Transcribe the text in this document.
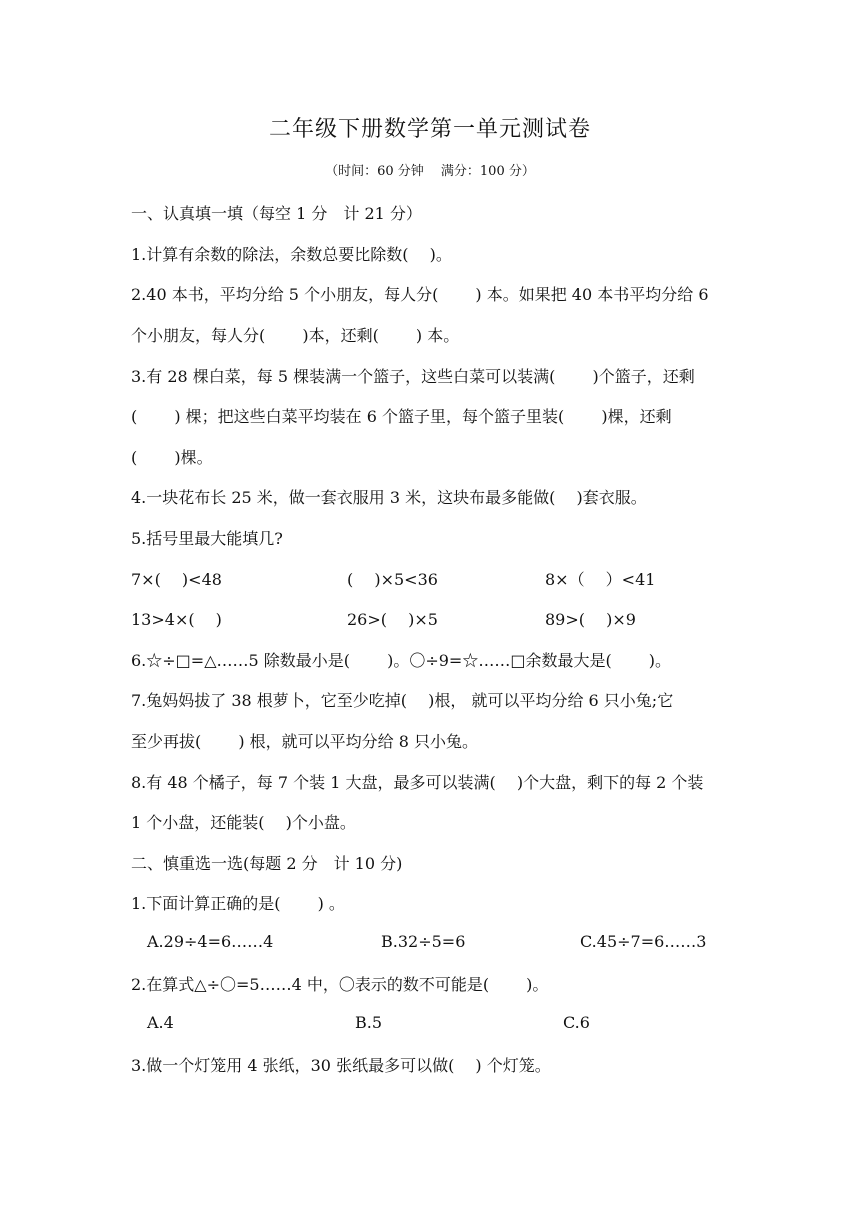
二年级下册数学第一单元测试卷
（时间：60 分钟　 满分：100 分）
一、认真填一填（每空 1 分　计 21 分）
1.计算有余数的除法，余数总要比除数(　 )。
2.40 本书，平均分给 5 个小朋友，每人分(　 　) 本。如果把 40 本书平均分给 6
个小朋友，每人分(　 　)本，还剩(　 　) 本。
3.有 28 棵白菜，每 5 棵装满一个篮子，这些白菜可以装满(　 　)个篮子，还剩
(　 　) 棵；把这些白菜平均装在 6 个篮子里，每个篮子里装(　 　)棵，还剩
(　 　)棵。
4.一块花布长 25 米，做一套衣服用 3 米，这块布最多能做(　 )套衣服。
5.括号里最大能填几?
7×(　 )<48	(　 )×5<36	8×（　 ）<41
13>4×(　 )	26>(　 )×5	89>(　 )×9
6.☆÷□=△……5 除数最小是(　 　)。〇÷9=☆……□余数最大是(　 　)。
7.兔妈妈拔了 38 根萝卜，它至少吃掉(　 )根， 就可以平均分给 6 只小兔;它
至少再拔(　 　) 根，就可以平均分给 8 只小兔。
8.有 48 个橘子，每 7 个装 1 大盘，最多可以装满(　 )个大盘，剩下的每 2 个装
1 个小盘，还能装(　 )个小盘。
二、慎重选一选(每题 2 分　计 10 分)
1.下面计算正确的是(　 　) 。
A.29÷4=6……4	B.32÷5=6	C.45÷7=6……3
2.在算式△÷〇=5……4 中，〇表示的数不可能是(　 　)。
A.4	B.5	C.6
3.做一个灯笼用 4 张纸，30 张纸最多可以做(　 ) 个灯笼。
